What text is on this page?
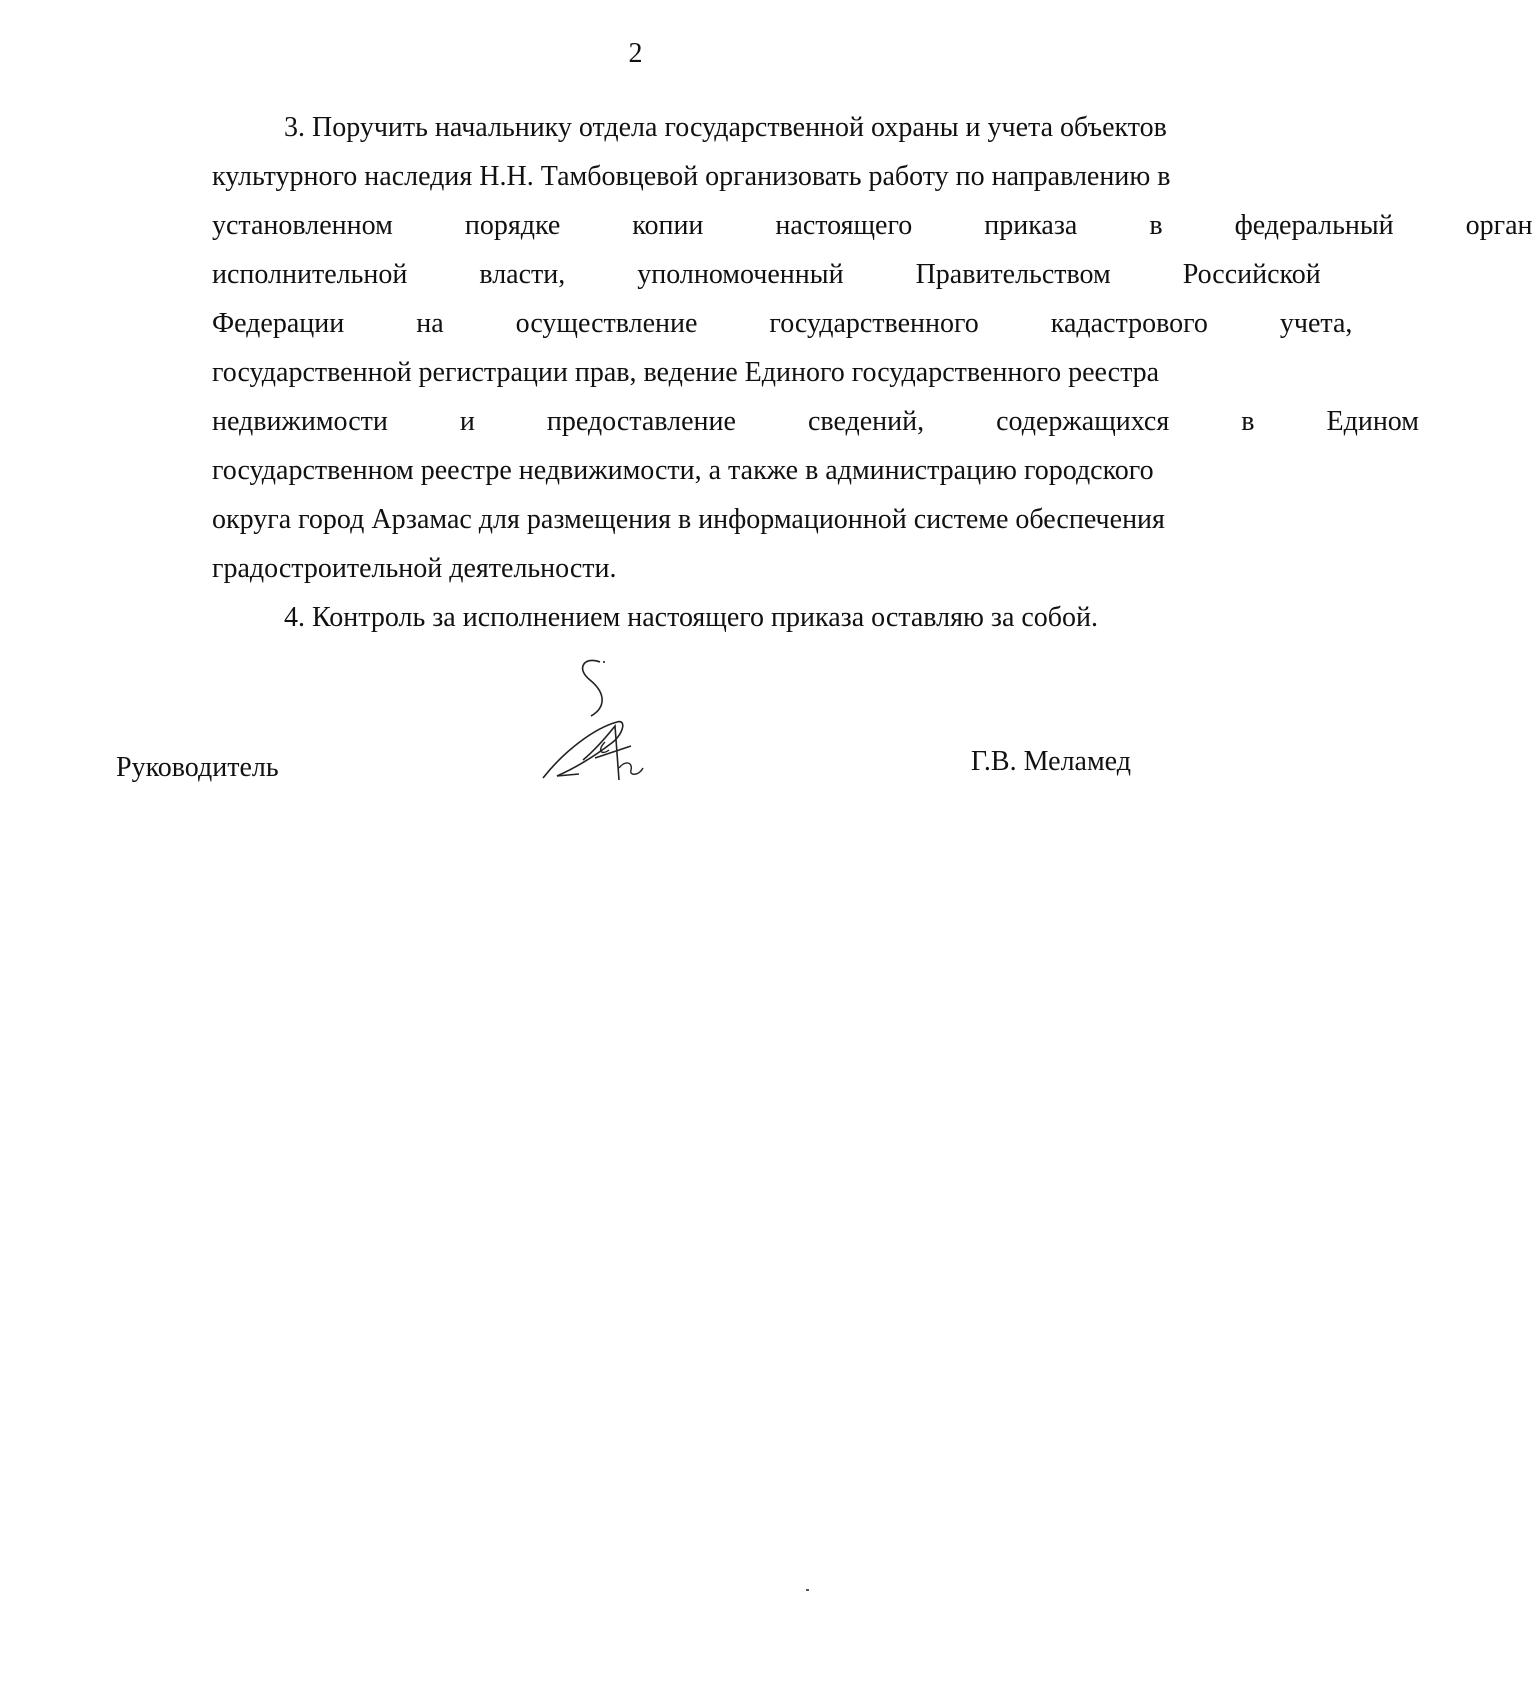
2
3. Поручить начальнику отдела государственной охраны и учета объектов
культурного наследия Н.Н. Тамбовцевой организовать работу по направлению в
установленном	порядке	копии	настоящего	приказа	в	федеральный	орган
исполнительной	власти,	уполномоченный	Правительством	Российской
Федерации	на	осуществление	государственного	кадастрового	учета,
государственной регистрации прав, ведение Единого государственного реестра
недвижимости	и	предоставление	сведений,	содержащихся	в	Едином
государственном реестре недвижимости, а также в администрацию городского
округа город Арзамас для размещения в информационной системе обеспечения
градостроительной деятельности.
4. Контроль за исполнением настоящего приказа оставляю за собой.
Руководитель	Г.В. Меламед
